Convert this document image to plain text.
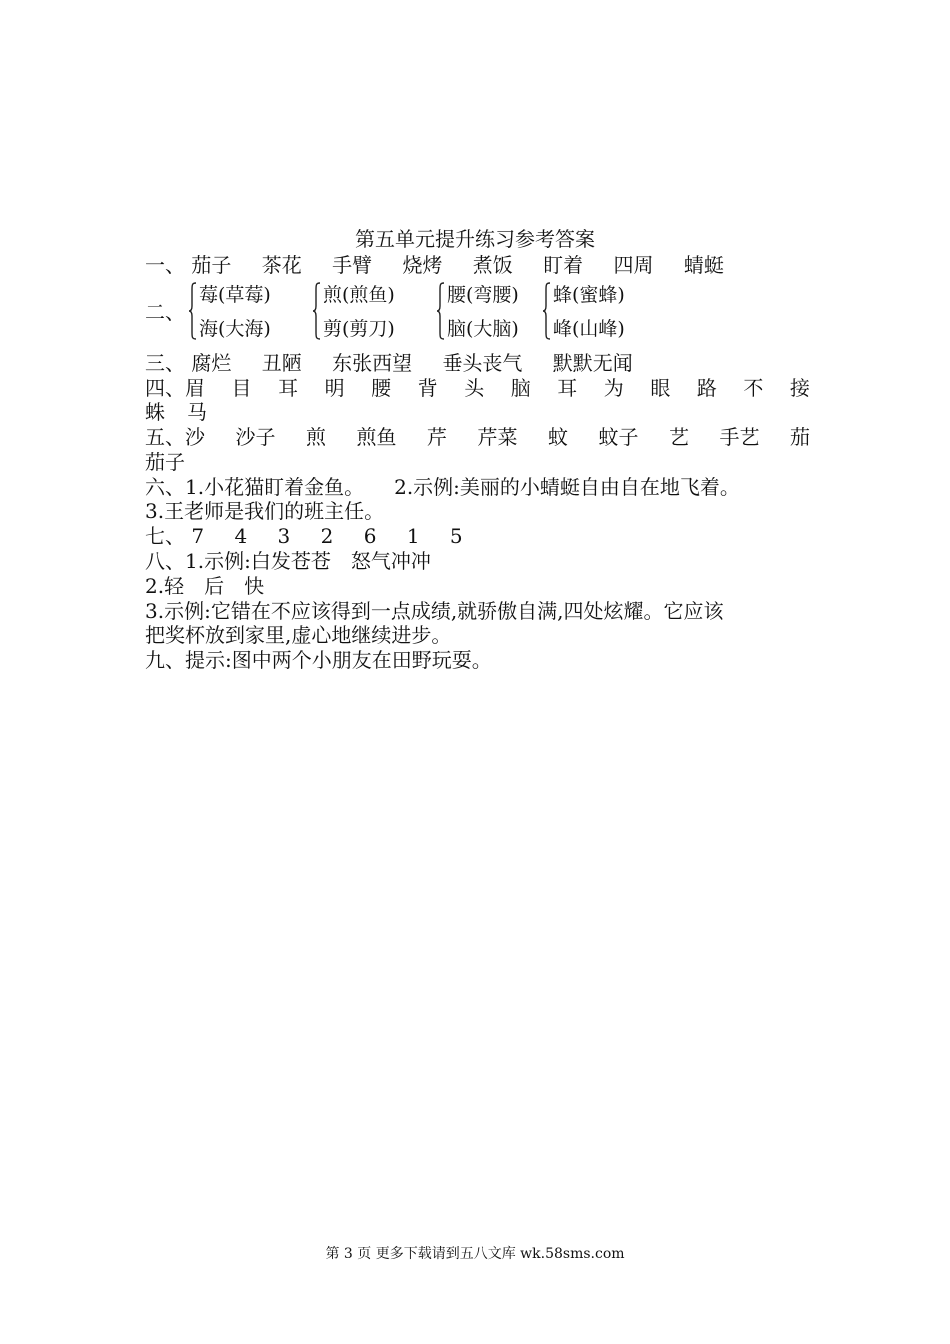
第五单元提升练习参考答案
一、 茄子 茶花 手臂 烧烤 煮饭 盯着 四周 蜻蜓
二、
莓(草莓)
海(大海)
煎(煎鱼)
剪(剪刀)
腰(弯腰)
脑(大脑)
蜂(蜜蜂)
峰(山峰)
三、 腐烂 丑陋 东张西望 垂头丧气 默默无闻
四、眉 目 耳 明 腰 背 头 脑 耳 为 眼 路 不 接
蛛 马
五、沙 沙子 煎 煎鱼 芹 芹菜 蚊 蚊子 艺 手艺 茄
茄子
六、1.小花猫盯着金鱼。 2.示例:美丽的小蜻蜓自由自在地飞着。
3.王老师是我们的班主任。
七、 7 4 3 2 6 1 5
八、1.示例:白发苍苍　怒气冲冲
2.轻　后　快
3.示例:它错在不应该得到一点成绩,就骄傲自满,四处炫耀。它应该
把奖杯放到家里,虚心地继续进步。
九、提示:图中两个小朋友在田野玩耍。
第 3 页 更多下载请到五八文库 wk.58sms.com
